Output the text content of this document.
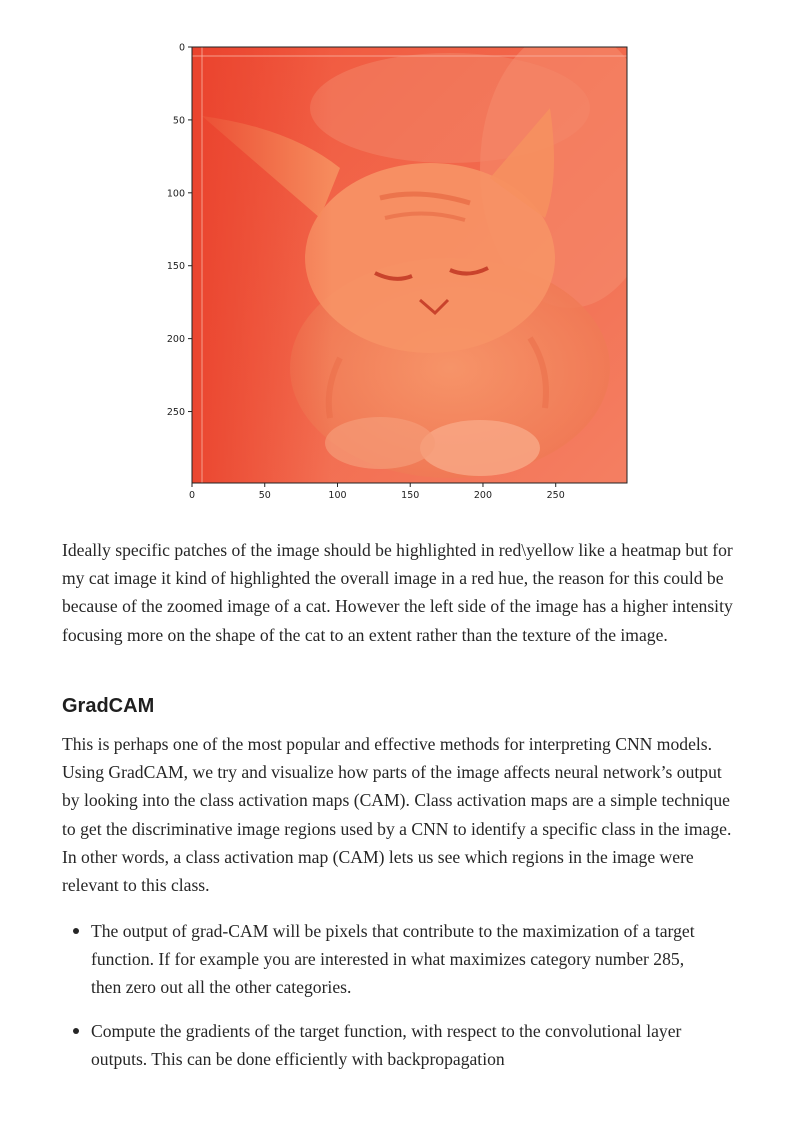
0	50	100	150	200	250
0
50
100
150
200
250

Ideally specific patches of the image should be highlighted in red\yellow like a heatmap but for my cat image it kind of highlighted the overall image in a red hue, the reason for this could be because of the zoomed image of a cat. However the left side of the image has a higher intensity focusing more on the shape of the cat to an extent rather than the texture of the image.

GradCAM

This is perhaps one of the most popular and effective methods for interpreting CNN models. Using GradCAM, we try and visualize how parts of the image affects neural network’s output by looking into the class activation maps (CAM). Class activation maps are a simple technique to get the discriminative image regions used by a CNN to identify a specific class in the image. In other words, a class activation map (CAM) lets us see which regions in the image were relevant to this class.

The output of grad-CAM will be pixels that contribute to the maximization of a target function. If for example you are interested in what maximizes category number 285, then zero out all the other categories.
Compute the gradients of the target function, with respect to the convolutional layer outputs. This can be done efficiently with backpropagation
